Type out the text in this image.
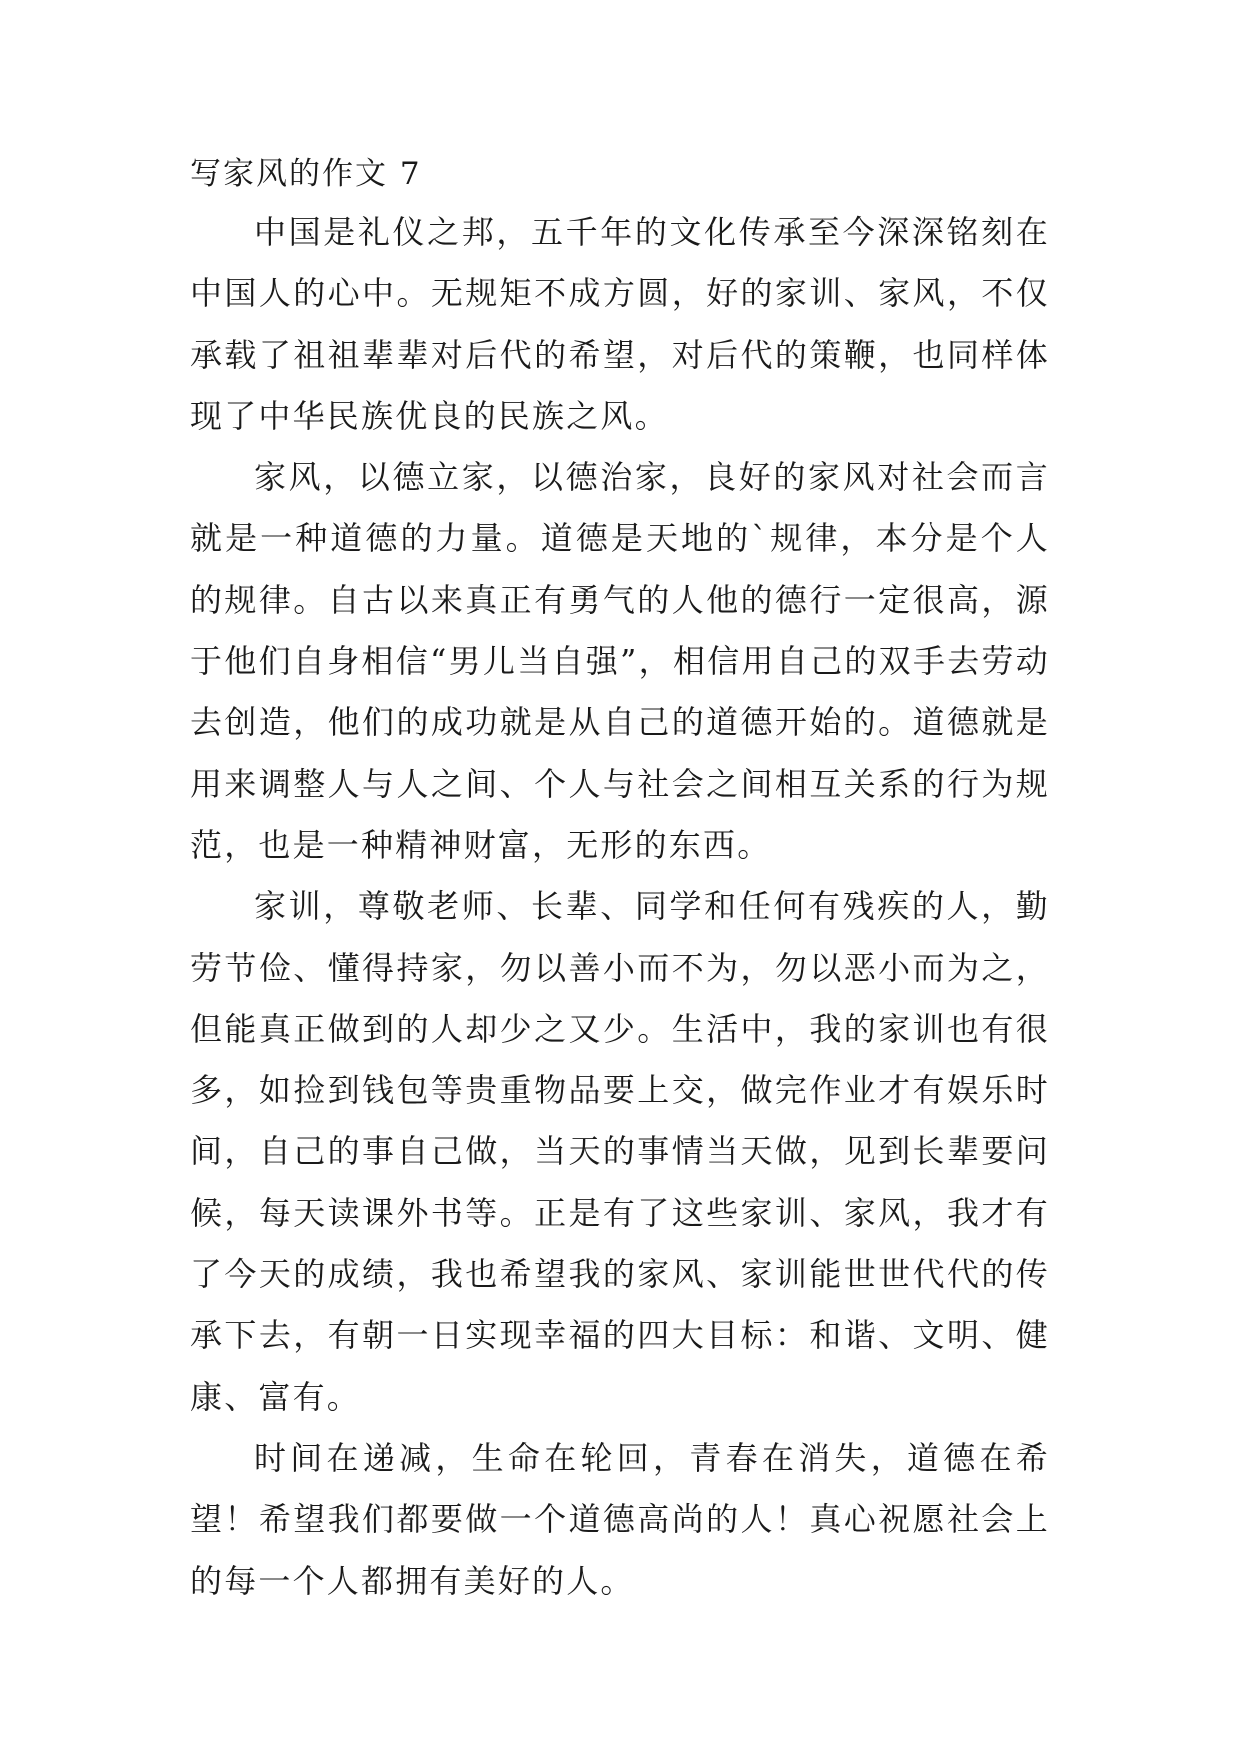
写家风的作文 7

中国是礼仪之邦，五千年的文化传承至今深深铭刻在中国人的心中。无规矩不成方圆，好的家训、家风，不仅承载了祖祖辈辈对后代的希望，对后代的策鞭，也同样体现了中华民族优良的民族之风。

家风，以德立家，以德治家，良好的家风对社会而言就是一种道德的力量。道德是天地的`规律，本分是个人的规律。自古以来真正有勇气的人他的德行一定很高，源于他们自身相信“男儿当自强”，相信用自己的双手去劳动去创造，他们的成功就是从自己的道德开始的。道德就是用来调整人与人之间、个人与社会之间相互关系的行为规范，也是一种精神财富，无形的东西。

家训，尊敬老师、长辈、同学和任何有残疾的人，勤劳节俭、懂得持家，勿以善小而不为，勿以恶小而为之，但能真正做到的人却少之又少。生活中，我的家训也有很多，如捡到钱包等贵重物品要上交，做完作业才有娱乐时间，自己的事自己做，当天的事情当天做，见到长辈要问候，每天读课外书等。正是有了这些家训、家风，我才有了今天的成绩，我也希望我的家风、家训能世世代代的传承下去，有朝一日实现幸福的四大目标：和谐、文明、健康、富有。

时间在递减，生命在轮回，青春在消失，道德在希望！希望我们都要做一个道德高尚的人！真心祝愿社会上的每一个人都拥有美好的人。
